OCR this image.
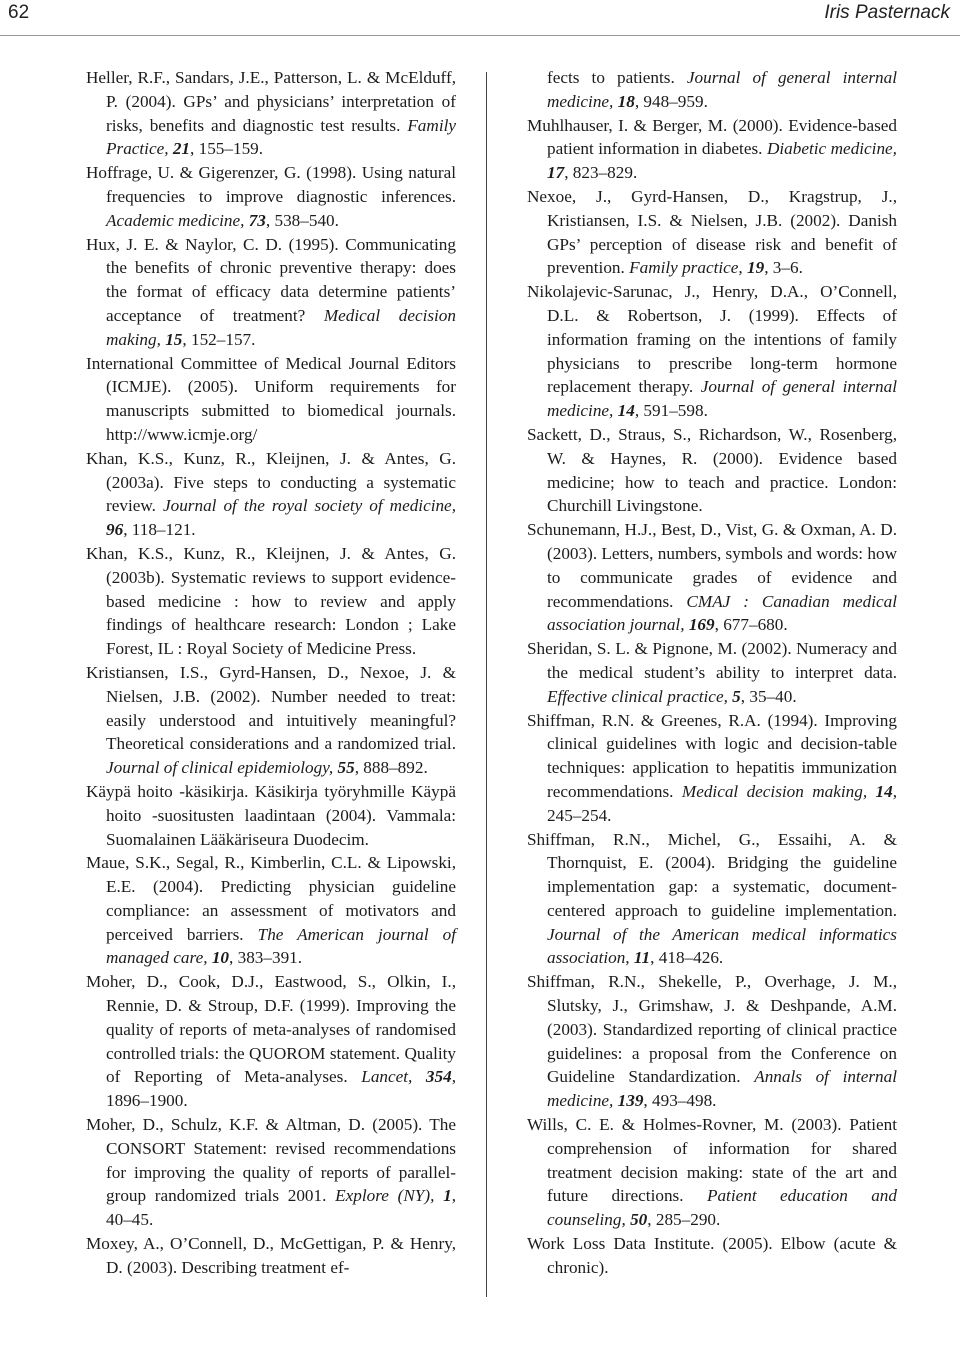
62	Iris Pasternack

Heller, R.F., Sandars, J.E., Patterson, L. & McElduff, P. (2004). GPs’ and physicians’ interpretation of risks, benefits and diagnostic test results. Family Practice, 21, 155–159.

Hoffrage, U. & Gigerenzer, G. (1998). Using natural frequencies to improve diagnostic inferences. Academic medicine, 73, 538–540.

Hux, J. E. & Naylor, C. D. (1995). Communicating the benefits of chronic preventive therapy: does the format of efficacy data determine patients’ acceptance of treatment? Medical decision making, 15, 152–157.

International Committee of Medical Journal Editors (ICMJE). (2005). Uniform requirements for manuscripts submitted to biomedical journals. http://www.icmje.org/

Khan, K.S., Kunz, R., Kleijnen, J. & Antes, G. (2003a). Five steps to conducting a systematic review. Journal of the royal society of medicine, 96, 118–121.

Khan, K.S., Kunz, R., Kleijnen, J. & Antes, G. (2003b). Systematic reviews to support evidence-based medicine : how to review and apply findings of healthcare research: London ; Lake Forest, IL : Royal Society of Medicine Press.

Kristiansen, I.S., Gyrd-Hansen, D., Nexoe, J. & Nielsen, J.B. (2002). Number needed to treat: easily understood and intuitively meaningful? Theoretical considerations and a randomized trial. Journal of clinical epidemiology, 55, 888–892.

Käypä hoito -käsikirja. Käsikirja työryhmille Käypä hoito -suositusten laadintaan (2004). Vammala: Suomalainen Lääkäriseura Duodecim.

Maue, S.K., Segal, R., Kimberlin, C.L. & Lipowski, E.E. (2004). Predicting physician guideline compliance: an assessment of motivators and perceived barriers. The American journal of managed care, 10, 383–391.

Moher, D., Cook, D.J., Eastwood, S., Olkin, I., Rennie, D. & Stroup, D.F. (1999). Improving the quality of reports of meta-analyses of randomised controlled trials: the QUOROM statement. Quality of Reporting of Meta-analyses. Lancet, 354, 1896–1900.

Moher, D., Schulz, K.F. & Altman, D. (2005). The CONSORT Statement: revised recommendations for improving the quality of reports of parallel-group randomized trials 2001. Explore (NY), 1, 40–45.

Moxey, A., O’Connell, D., McGettigan, P. & Henry, D. (2003). Describing treatment ef-

fects to patients. Journal of general internal medicine, 18, 948–959.

Muhlhauser, I. & Berger, M. (2000). Evidence-based patient information in diabetes. Diabetic medicine, 17, 823–829.

Nexoe, J., Gyrd-Hansen, D., Kragstrup, J., Kristiansen, I.S. & Nielsen, J.B. (2002). Danish GPs’ perception of disease risk and benefit of prevention. Family practice, 19, 3–6.

Nikolajevic-Sarunac, J., Henry, D.A., O’Connell, D.L. & Robertson, J. (1999). Effects of information framing on the intentions of family physicians to prescribe long-term hormone replacement therapy. Journal of general internal medicine, 14, 591–598.

Sackett, D., Straus, S., Richardson, W., Rosenberg, W. & Haynes, R. (2000). Evidence based medicine; how to teach and practice. London: Churchill Livingstone.

Schunemann, H.J., Best, D., Vist, G. & Oxman, A. D. (2003). Letters, numbers, symbols and words: how to communicate grades of evidence and recommendations. CMAJ : Canadian medical association journal, 169, 677–680.

Sheridan, S. L. & Pignone, M. (2002). Numeracy and the medical student’s ability to interpret data. Effective clinical practice, 5, 35–40.

Shiffman, R.N. & Greenes, R.A. (1994). Improving clinical guidelines with logic and decision-table techniques: application to hepatitis immunization recommendations. Medical decision making, 14, 245–254.

Shiffman, R.N., Michel, G., Essaihi, A. & Thornquist, E. (2004). Bridging the guideline implementation gap: a systematic, document-centered approach to guideline implementation. Journal of the American medical informatics association, 11, 418–426.

Shiffman, R.N., Shekelle, P., Overhage, J. M., Slutsky, J., Grimshaw, J. & Deshpande, A.M. (2003). Standardized reporting of clinical practice guidelines: a proposal from the Conference on Guideline Standardization. Annals of internal medicine, 139, 493–498.

Wills, C. E. & Holmes-Rovner, M. (2003). Patient comprehension of information for shared treatment decision making: state of the art and future directions. Patient education and counseling, 50, 285–290.

Work Loss Data Institute. (2005). Elbow (acute & chronic).
